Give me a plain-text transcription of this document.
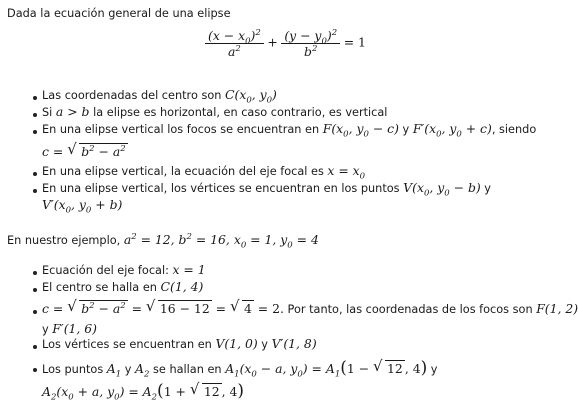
Dada la ecuación general de una elipse
$\frac{(x - x_0)^2}{a^2} + \frac{(y - y_0)^2}{b^2} = 1$
Las coordenadas del centro son $C(x_0$, $y_0$)
Si a > b la elipse es horizontal, en caso contrario, es vertical
En una elipse vertical los focos se encuentran en $F(x_0$, $y_0 - c$) y $F'(x_0$, $y_0 + c$), siendo
c = √ $b^2 - a^2$
En una elipse vertical, la ecuación del eje focal es $x = x_0$
En una elipse vertical, los vértices se encuentran en los puntos $V(x_0$, $y_0 - b$) y
$V'(x_0$, $y_0 + b$)
En nuestro ejemplo, $a^2 = 12$, $b^2 = 16$, $x_0 = 1$, $y_0 = 4$
Ecuación del eje focal: x = 1
El centro se halla en C(1, 4)
c = √ $b^2 - a^2$ = √ 16 − 12 = √ 4 = 2. Por tanto, las coordenadas de los focos son F(1, 2)
y F′(1, 6)
Los vértices se encuentran en V(1, 0) y V′(1, 8)
Los puntos $A_1$ y $A_2$ se hallan en $A_1(x_0 - a$, $y_0) = A_1(1$ − √ 12 , 4) y
$A_2(x_0 + a$, $y_0) = A_2(1$ + √ 12 , 4)
